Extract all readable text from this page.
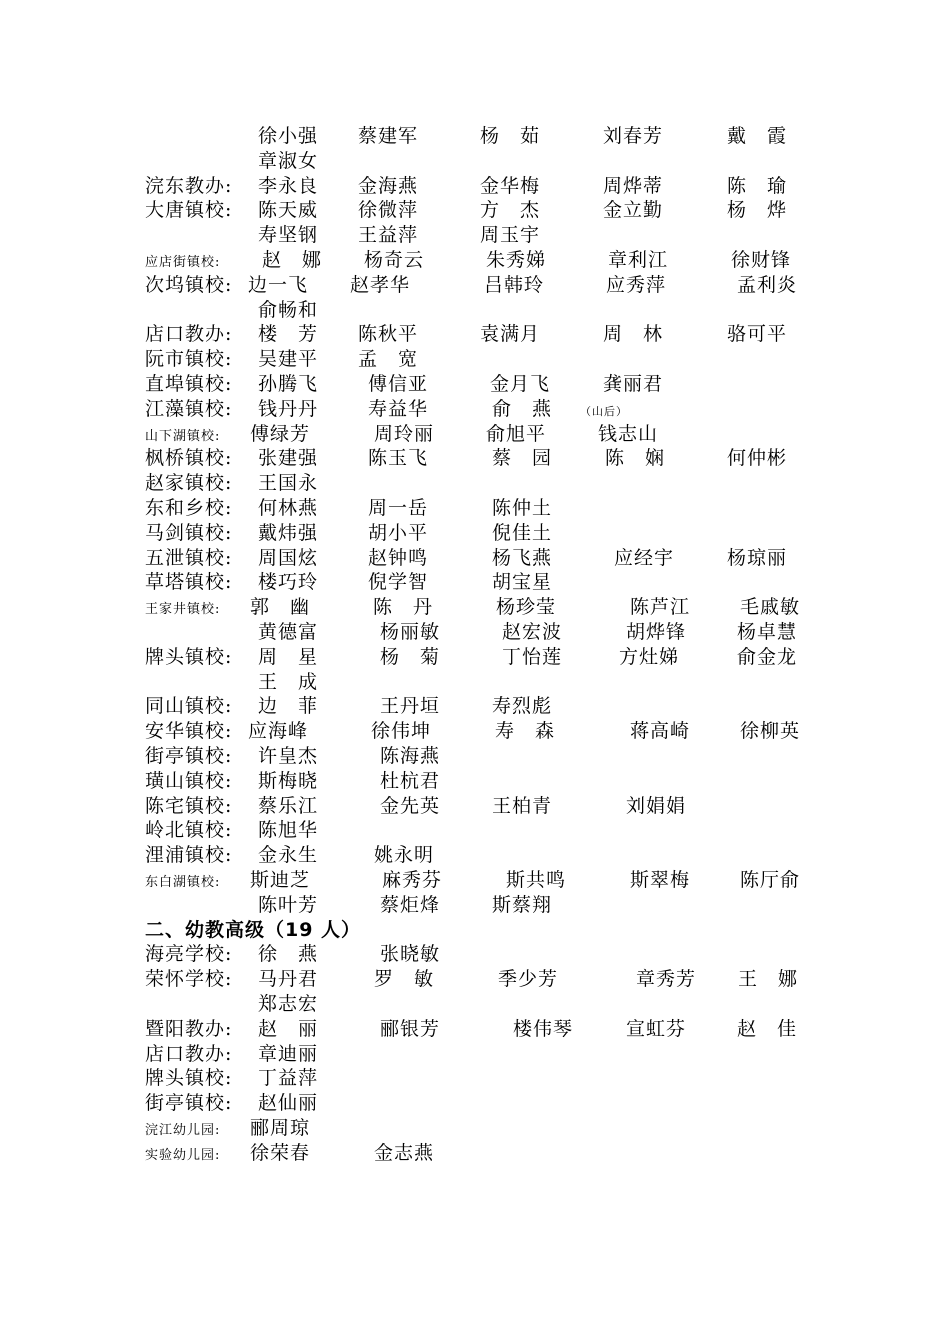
徐小强 蔡建军	杨　茹	刘春芳	戴　霞
章淑女
浣东教办: 李永良 金海燕	金华梅	周烨蒂	陈　瑜
大唐镇校: 陈天威 徐微萍	方　杰	金立勤	杨　烨
寿坚钢 王益萍	周玉宇
应店街镇校: 赵　娜 杨奇云	朱秀娣	章利江	徐财锋
次坞镇校: 边一飞 赵孝华	吕韩玲	应秀萍	孟利炎
俞畅和
店口教办: 楼　芳 陈秋平	袁满月	周　林	骆可平
阮市镇校: 吴建平 孟　宽
直埠镇校: 孙腾飞	傅信亚	金月飞	龚丽君
江藻镇校: 钱丹丹	寿益华	俞　燕	（山后）
山下湖镇校: 傅绿芳	周玲丽	俞旭平	钱志山
枫桥镇校: 张建强	陈玉飞	蔡　园	陈　娴	何仲彬
赵家镇校: 王国永
东和乡校: 何林燕	周一岳	陈仲土
马剑镇校: 戴炜强	胡小平	倪佳土
五泄镇校: 周国炫	赵钟鸣	杨飞燕	应经宇	杨琼丽
草塔镇校: 楼巧玲	倪学智	胡宝星
王家井镇校: 郭　幽	陈　丹	杨珍莹	陈芦江	毛戚敏
黄德富	杨丽敏	赵宏波	胡烨锋	杨卓慧
牌头镇校: 周　星	杨　菊	丁怡莲	方灶娣	俞金龙
王　成
同山镇校: 边　菲	王丹垣	寿烈彪
安华镇校: 应海峰	徐伟坤	寿　森	蒋高崎	徐柳英
街亭镇校: 许皇杰	陈海燕
璜山镇校: 斯梅晓	杜杭君
陈宅镇校: 蔡乐江	金先英	王柏青	刘娟娟
岭北镇校: 陈旭华
浬浦镇校: 金永生	姚永明
东白湖镇校: 斯迪芝	麻秀芬	斯共鸣	斯翠梅	陈厅俞
陈叶芳	蔡炬烽	斯蔡翔
二、幼教高级（19 人）
海亮学校: 徐　燕	张晓敏
荣怀学校: 马丹君	罗　敏	季少芳	章秀芳 王　娜
郑志宏
暨阳教办: 赵　丽	郦银芳	楼伟琴	宣虹芬	赵　佳
店口教办: 章迪丽
牌头镇校: 丁益萍
街亭镇校: 赵仙丽
浣江幼儿园: 郦周琼
实验幼儿园: 徐荣春	金志燕
